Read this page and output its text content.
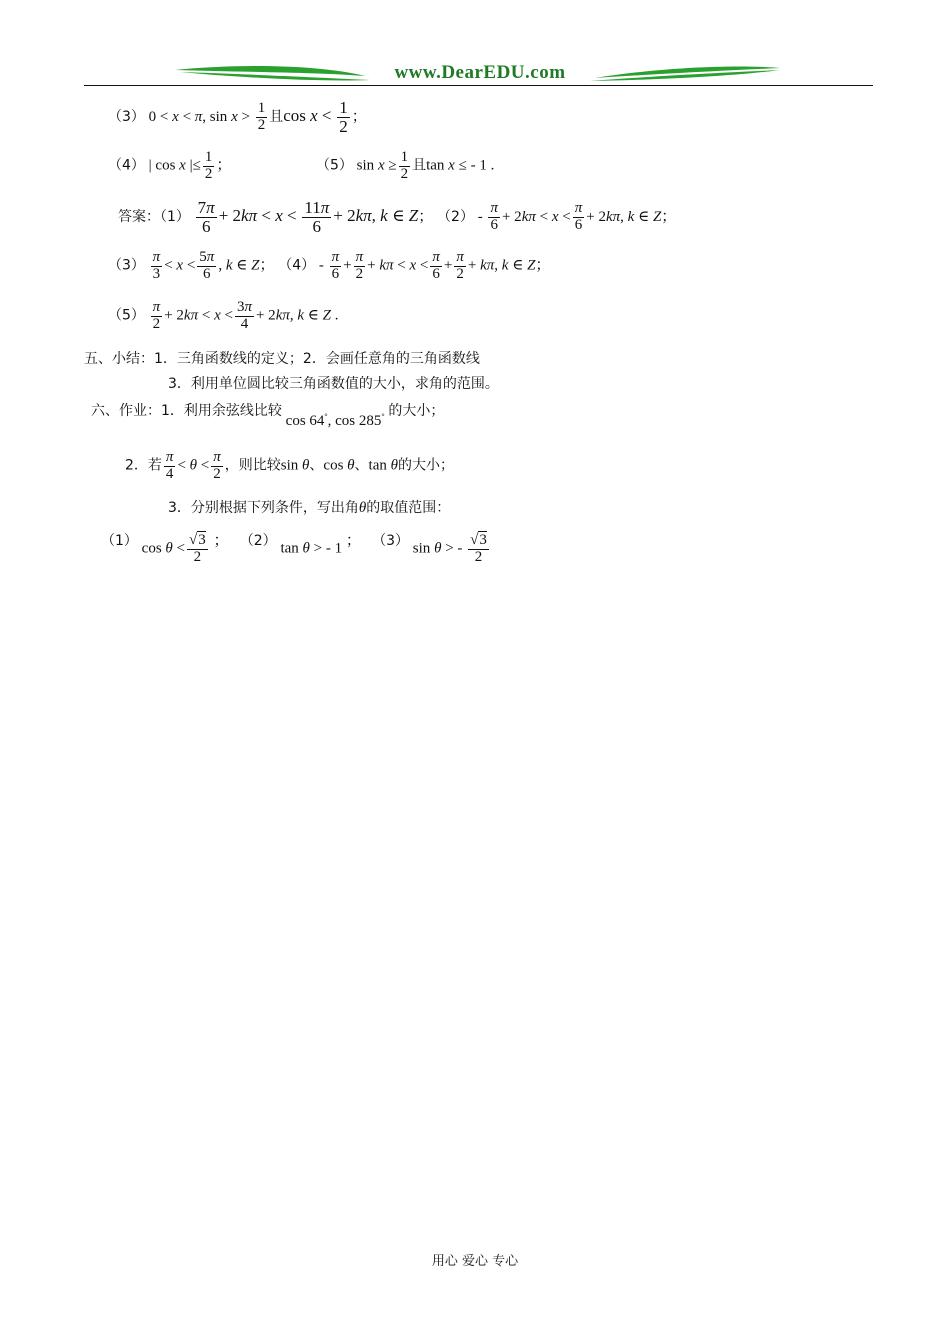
www.DearEDU.com
（3） 0 < x < π, $\sin x > \frac{1}{2}$ 且$\cos x < \frac{1}{2}$ ；
（4） | cos x |≤ $\frac{1}{2}$ ；	（5） $\sin x \ge \frac{1}{2}$ 且tan x ≤ - 1 .
答案：$(1) \frac{7\pi}{6} + 2k\pi < x < \frac{11\pi}{6} + 2k\pi$, k ∈ Z； $(2) - \frac{\pi}{6} + 2k\pi < x < \frac{\pi}{6} + 2k\pi$, k ∈ Z；
$(3) \frac{\pi}{3} < x < \frac{5\pi}{6}$ , k ∈ Z； $(4) - \frac{\pi}{6} + \frac{\pi}{2} + k\pi < x < \frac{\pi}{6} + \frac{\pi}{2} + k\pi$, k ∈ Z；
$(5) \frac{\pi}{2} + 2k\pi < x < \frac{3\pi}{4} + 2k\pi$, k ∈ Z .
五、小结：1．三角函数线的定义；2．会画任意角的三角函数线
3．利用单位圆比较三角函数值的大小，求角的范围。
六、作业：1．利用余弦线比较 cos 64°, cos 285° 的大小；
2．若 $\frac{\pi}{4} < \theta < \frac{\pi}{2}$ ，则比较sin θ、cos θ、tan θ的大小；
3．分别根据下列条件，写出角θ的取值范围：
（1） $\cos \theta < \frac{√3}{2}$ ； （2） tan θ > - 1 ； （3） sin θ > - $\frac{√3}{2}$
用心 爱心 专心
